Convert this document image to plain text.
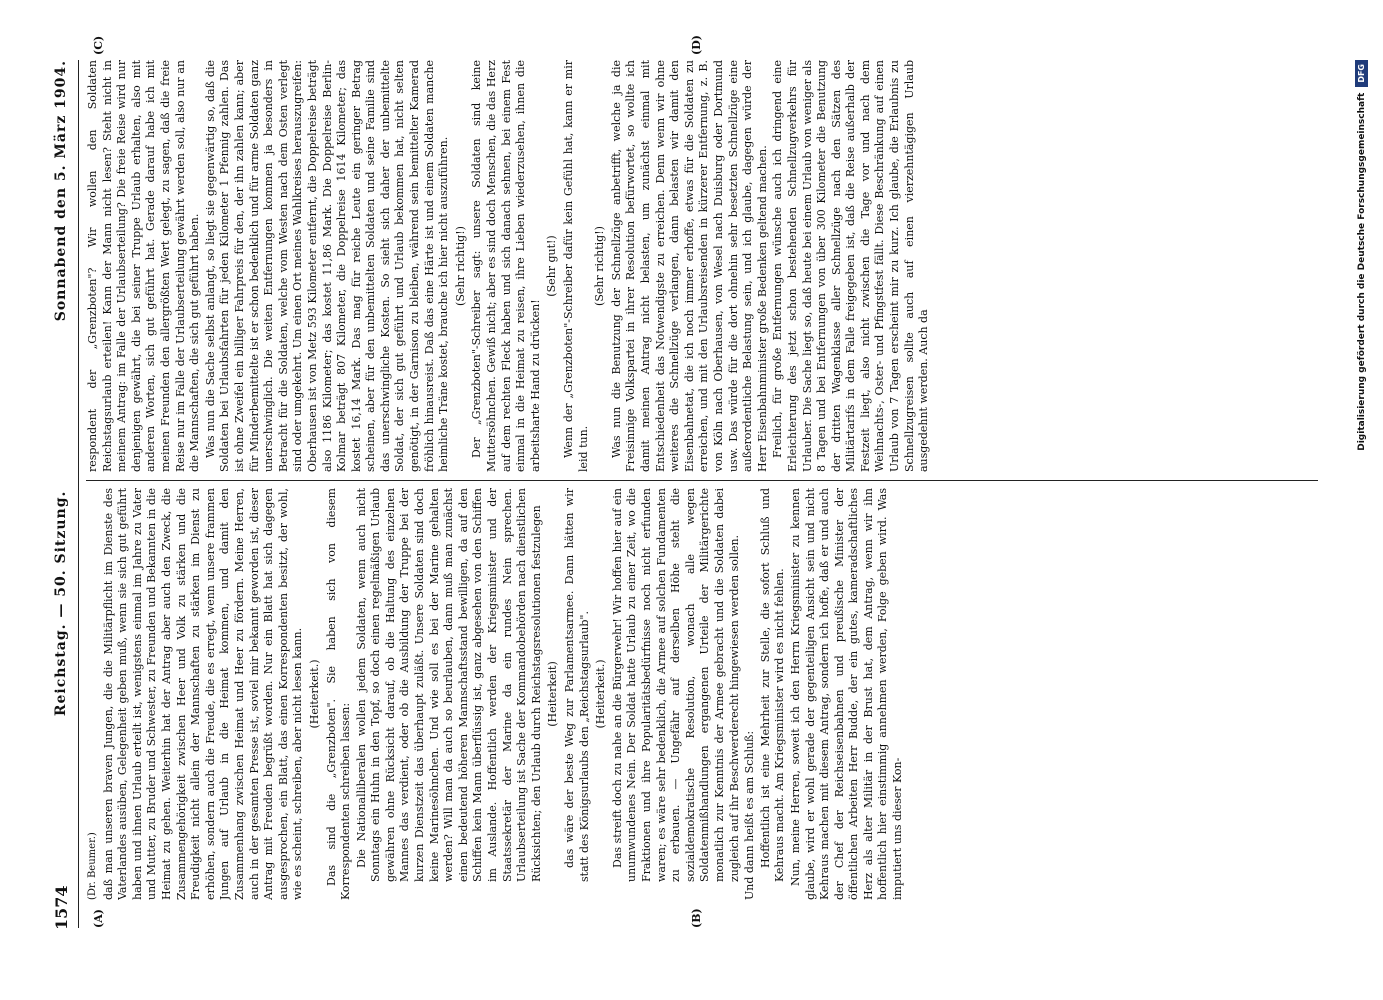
1574
Reichstag. — 50. Sitzung.
Sonnabend den 5. März 1904.
(A)	(B)
(C)	(D)

(Dr. Beumer.) daß man unseren braven Jungen, die die Militärpflicht im Dienste des Vaterlandes ausüben, Gelegenheit geben muß, wenn sie sich gut geführt haben und ihnen Urlaub erteilt ist, wenigstens einmal im Jahre zu Vater und Mutter, zu Bruder und Schwester, zu Freunden und Bekannten in die Heimat zu gehen. Weiterhin hat der Antrag aber auch den Zweck, die Zusammengehörigkeit zwischen Heer und Volk zu stärken und die Freudigkeit nicht allein der Mannschaften zu stärken im Dienst zu erhöhen, sondern auch die Freude, die es erregt, wenn unsere frammen Jungen auf Urlaub in die Heimat kommen, und damit den Zusammenhang zwischen Heimat und Heer zu fördern. Meine Herren, auch in der gesamten Presse ist, soviel mir bekannt geworden ist, dieser Antrag mit Freuden begrüßt worden. Nur ein Blatt hat sich dagegen ausgesprochen, ein Blatt, das einen Korrespondenten besitzt, der wohl, wie es scheint, schreiben, aber nicht lesen kann. (Heiterkeit.) Das sind die „Grenzboten". Sie haben sich von diesem Korrespondenten schreiben lassen: Die Nationalliberalen wollen jedem Soldaten, wenn auch nicht Sonntags ein Huhn in den Topf, so doch einen regelmäßigen Urlaub gewähren ohne Rücksicht darauf, ob die Haltung des einzelnen Mannes das verdient, oder ob die Ausbildung der Truppe bei der kurzen Dienstzeit das überhaupt zuläßt. Unsere Soldaten sind doch keine Marinesöhnchen. Und wie soll es bei der Marine gehalten werden? Will man da auch so beurlauben, dann muß man zunächst einen bedeutend höheren Mannschaftsstand bewilligen, da auf den Schiffen kein Mann überflüssig ist, ganz abgesehen von den Schiffen im Auslande. Hoffentlich werden der Kriegsminister und der Staatssekretär der Marine da ein rundes Nein sprechen. Urlaubserteilung ist Sache der Kommandobehörden nach dienstlichen Rücksichten; den Urlaub durch Reichstagsresolutionen festzulegen (Heiterkeit) das wäre der beste Weg zur Parlamentsarmee. Dann hätten wir statt des Königsurlaubs den „Reichstagsurlaub". (Heiterkeit.) Das streift doch zu nahe an die Bürgerwehr! Wir hoffen hier auf ein unumwundenes Nein. Der Soldat hatte Urlaub zu einer Zeit, wo die Fraktionen und ihre Popularitätsbedürfnisse noch nicht erfunden waren; es wäre sehr bedenklich, die Armee auf solchen Fundamenten zu erbauen. — Ungefähr auf derselben Höhe steht die sozialdemokratische Resolution, wonach alle wegen Soldatenmißhandlungen ergangenen Urteile der Militärgerichte monatlich zur Kenntnis der Armee gebracht und die Soldaten dabei zugleich auf ihr Beschwerderecht hingewiesen werden sollen. Und dann heißt es am Schluß: Hoffentlich ist eine Mehrheit zur Stelle, die sofort Schluß und Kehraus macht. Am Kriegsminister wird es nicht fehlen. Nun, meine Herren, soweit ich den Herrn Kriegsminister zu kennen glaube, wird er wohl gerade der gegenteiligen Ansicht sein und nicht Kehraus machen mit diesem Antrag, sondern ich hoffe, daß er und auch der Chef der Reichseisenbahnen und preußische Minister der öffentlichen Arbeiten Herr Budde, der ein gutes, kameradschaftliches Herz als alter Militär in der Brust hat, dem Antrag, wenn wir ihn hoffentlich hier einstimmig annehmen werden, Folge geben wird. Was imputiert uns dieser Kon-

respondent der „Grenzboten"? Wir wollen den Soldaten Reichstagsurlaub erteilen! Kann der Mann nicht lesen? Steht nicht in meinem Antrag: im Falle der Urlaubserteilung? Die freie Reise wird nur denjenigen gewährt, die bei seiner Truppe Urlaub erhalten, also mit anderen Worten, sich gut geführt hat. Gerade darauf habe ich mit meinen Freunden den allergrößten Wert gelegt, zu sagen, daß die freie Reise nur im Falle der Urlaubserteilung gewährt werden soll, also nur an die Mannschaften, die sich gut geführt haben. Was nun die Sache selbst anlangt, so liegt sie gegenwärtig so, daß die Soldaten bei Urlaubsfahrten für jeden Kilometer 1 Pfennig zahlen. Das ist ohne Zweifel ein billiger Fahrpreis für den, der ihn zahlen kann; aber für Minderbemittelte ist er schon bedenklich und für arme Soldaten ganz unerschwinglich. Die weiten Entfernungen kommen ja besonders in Betracht für die Soldaten, welche vom Westen nach dem Osten verlegt sind oder umgekehrt. Um einen Ort meines Wahlkreises herauszugreifen: Oberhausen ist von Metz 593 Kilometer entfernt, die Doppelreise beträgt also 1186 Kilometer; das kostet 11,86 Mark. Die Doppelreise Berlin-Kolmar beträgt 807 Kilometer, die Doppelreise 1614 Kilometer; das kostet 16,14 Mark. Das mag für reiche Leute ein geringer Betrag scheinen, aber für den unbemittelten Soldaten und seine Familie sind das unerschwingliche Kosten. So sieht sich daher der unbemittelte Soldat, der sich gut geführt und Urlaub bekommen hat, nicht selten genötigt, in der Garnison zu bleiben, während sein bemittelter Kamerad fröhlich hinausreist. Daß das eine Härte ist und einem Soldaten manche heimliche Träne kostet, brauche ich hier nicht auszuführen. (Sehr richtig!) Der „Grenzboten"-Schreiber sagt: unsere Soldaten sind keine Muttersöhnchen. Gewiß nicht; aber es sind doch Menschen, die das Herz auf dem rechten Fleck haben und sich danach sehnen, bei einem Fest einmal in die Heimat zu reisen, ihre Lieben wiederzusehen, ihnen die arbeitsharte Hand zu drücken!

(Sehr gut!) Wenn der „Grenzboten"-Schreiber dafür kein Gefühl hat, kann er mir leid tun.

(Sehr richtig!) Was nun die Benutzung der Schnellzüge anbetrifft, welche ja die Freisinnige Volkspartei in ihrer Resolution befürwortet, so wollte ich damit meinen Antrag nicht belasten, um zunächst einmal mit Entschiedenheit das Notwendigste zu erreichen. Denn wenn wir ohne weiteres die Schnellzüge verlangen, dann belasten wir damit den Eisenbahnetat, die ich noch immer erhoffe, etwas für die Soldaten zu erreichen, und mit den Urlaubsreisenden in kürzerer Entfernung, z. B. von Köln nach Oberhausen, von Wesel nach Duisburg oder Dortmund usw. Das würde für die dort ohnehin sehr besetzten Schnellzüge eine außerordentliche Belastung sein, und ich glaube, dagegen würde der Herr Eisenbahnminister große Bedenken geltend machen. Freilich, für große Entfernungen wünsche auch ich dringend eine Erleichterung des jetzt schon bestehenden Schnellzugverkehrs für Urlauber. Die Sache liegt so, daß heute bei einem Urlaub von weniger als 8 Tagen und bei Entfernungen von über 300 Kilometer die Benutzung der dritten Wagenklasse aller Schnellzüge nach den Sätzen des Militärtarifs in dem Falle freigegeben ist, daß die Reise außerhalb der Festzeit liegt, also nicht zwischen die Tage vor und nach dem Weihnachts-, Oster- und Pfingstfest fällt. Diese Beschränkung auf einen Urlaub von 7 Tagen erscheint mir zu kurz. Ich glaube, die Erlaubnis zu Schnellzugreisen sollte auch auf einen vierzehntägigen Urlaub ausgedehnt werden. Auch da	Digitalisierung gefördert durch die Deutsche Forschungsgemeinschaft
DFG
